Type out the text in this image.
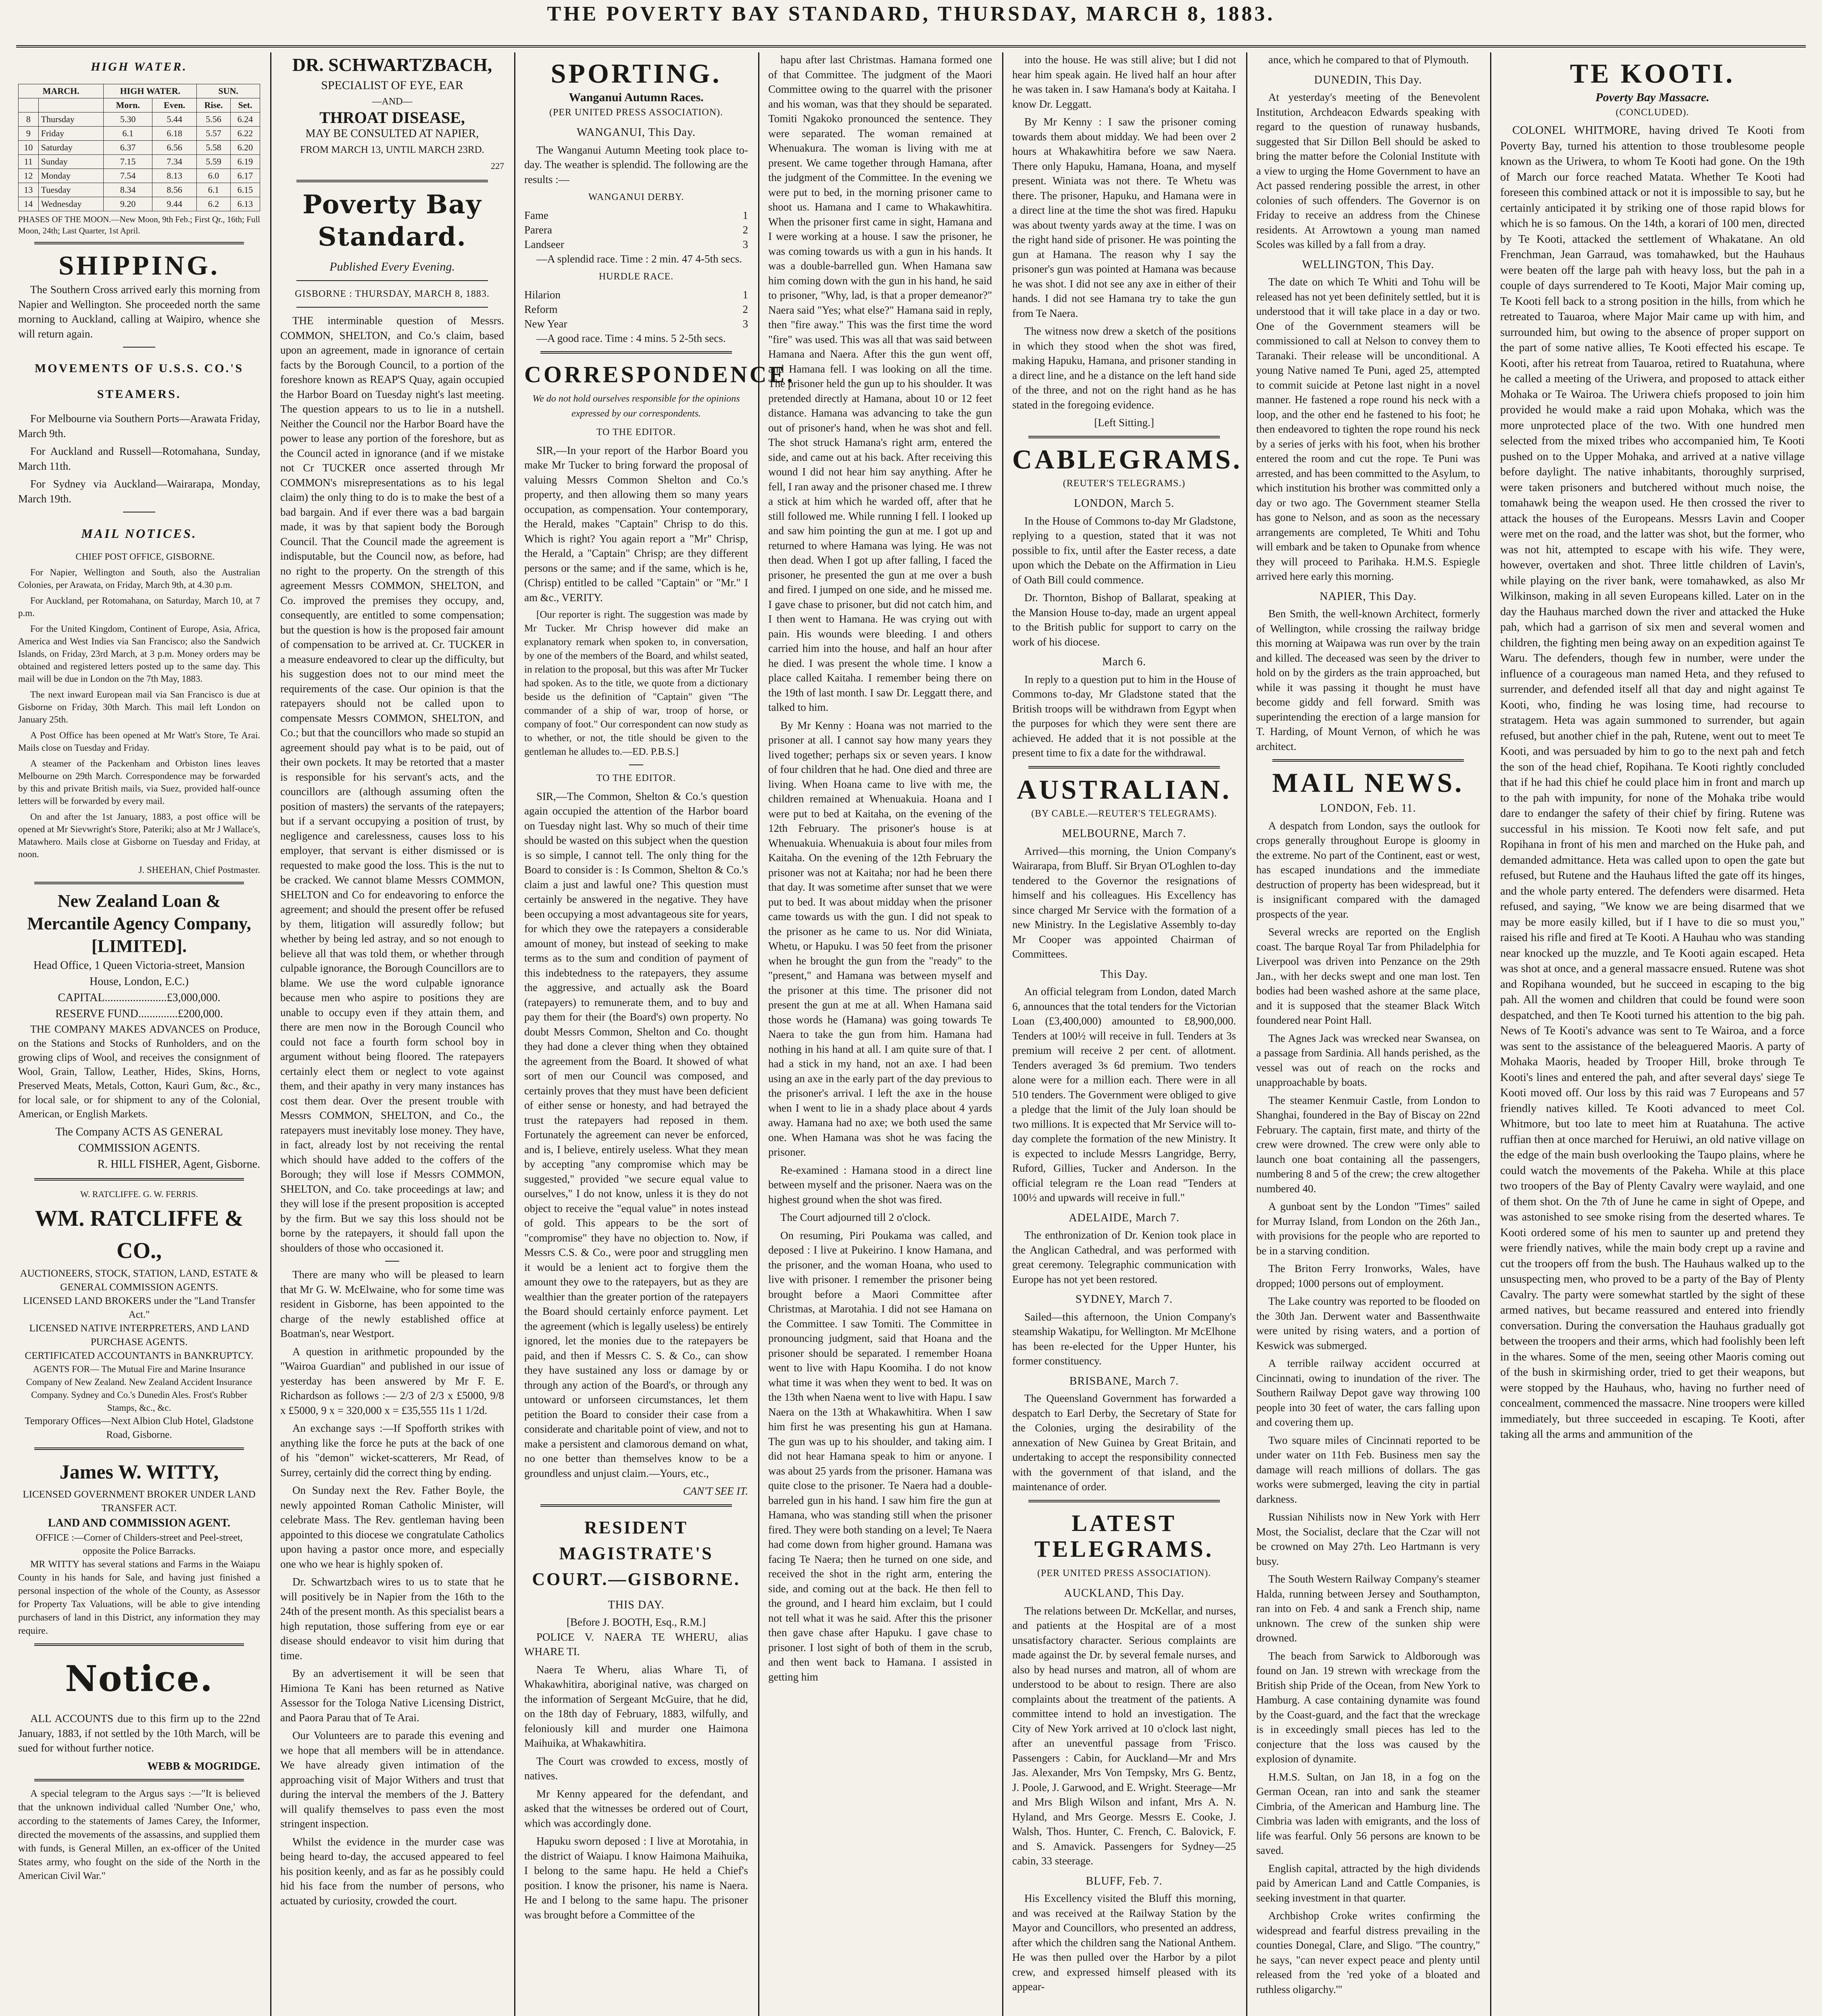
THE POVERTY BAY STANDARD, THURSDAY, MARCH 8, 1883.
HIGH WATER.
MARCH.		HIGH WATER.		SUN.	
		Morn.	Even.	Rise.	Set.
8	Thursday	5.30	5.44	5.56	6.24
9	Friday	6.1	6.18	5.57	6.22
10	Saturday	6.37	6.56	5.58	6.20
11	Sunday	7.15	7.34	5.59	6.19
12	Monday	7.54	8.13	6.0	6.17
13	Tuesday	8.34	8.56	6.1	6.15
14	Wednesday	9.20	9.44	6.2	6.13
PHASES OF THE MOON.—New Moon, 9th Feb.; First Qr., 16th; Full Moon, 24th; Last Quarter, 1st April.
SHIPPING.

The Southern Cross arrived early this morning from Napier and Wellington. She proceeded north the same morning to Auckland, calling at Waipiro, whence she will return again.

MOVEMENTS OF U.S.S. CO.'S STEAMERS.

For Melbourne via Southern Ports—Arawata Friday, March 9th.

For Auckland and Russell—Rotomahana, Sunday, March 11th.

For Sydney via Auckland—Wairarapa, Monday, March 19th.

MAIL NOTICES.

CHIEF POST OFFICE, GISBORNE.

For Napier, Wellington and South, also the Australian Colonies, per Arawata, on Friday, March 9th, at 4.30 p.m.

For Auckland, per Rotomahana, on Saturday, March 10, at 7 p.m.

For the United Kingdom, Continent of Europe, Asia, Africa, America and West Indies via San Francisco; also the Sandwich Islands, on Friday, 23rd March, at 3 p.m. Money orders may be obtained and registered letters posted up to the same day. This mail will be due in London on the 7th May, 1883.

The next inward European mail via San Francisco is due at Gisborne on Friday, 30th March. This mail left London on January 25th.

A Post Office has been opened at Mr Watt's Store, Te Arai. Mails close on Tuesday and Friday.

A steamer of the Packenham and Orbiston lines leaves Melbourne on 29th March. Correspondence may be forwarded by this and private British mails, via Suez, provided half-ounce letters will be forwarded by every mail.

On and after the 1st January, 1883, a post office will be opened at Mr Sievwright's Store, Pateriki; also at Mr J Wallace's, Matawhero. Mails close at Gisborne on Tuesday and Friday, at noon.

J. SHEEHAN, Chief Postmaster.

New Zealand Loan & Mercantile Agency Company, [LIMITED].
Head Office, 1 Queen Victoria-street, Mansion House, London, E.C.)
CAPITAL......................£3,000,000.
RESERVE FUND..............£200,000.

THE COMPANY MAKES ADVANCES on Produce, on the Stations and Stocks of Runholders, and on the growing clips of Wool, and receives the consignment of Wool, Grain, Tallow, Leather, Hides, Skins, Horns, Preserved Meats, Metals, Cotton, Kauri Gum, &c., &c., for local sale, or for shipment to any of the Colonial, American, or English Markets.

The Company ACTS AS GENERAL COMMISSION AGENTS.
R. HILL FISHER, Agent, Gisborne.
W. RATCLIFFE. G. W. FERRIS.
WM. RATCLIFFE & CO.,
AUCTIONEERS, STOCK, STATION, LAND, ESTATE & GENERAL COMMISSION AGENTS.
LICENSED LAND BROKERS under the "Land Transfer Act."
LICENSED NATIVE INTERPRETERS, AND LAND PURCHASE AGENTS.
CERTIFICATED ACCOUNTANTS in BANKRUPTCY.
AGENTS FOR— The Mutual Fire and Marine Insurance Company of New Zealand. New Zealand Accident Insurance Company. Sydney and Co.'s Dunedin Ales. Frost's Rubber Stamps, &c., &c.
Temporary Offices—Next Albion Club Hotel, Gladstone Road, Gisborne.
James W. WITTY,
LICENSED GOVERNMENT BROKER UNDER LAND TRANSFER ACT.
LAND AND COMMISSION AGENT.
OFFICE :—Corner of Childers-street and Peel-street, opposite the Police Barracks.

MR WITTY has several stations and Farms in the Waiapu County in his hands for Sale, and having just finished a personal inspection of the whole of the County, as Assessor for Property Tax Valuations, will be able to give intending purchasers of land in this District, any information they may require.

Notice.

ALL ACCOUNTS due to this firm up to the 22nd January, 1883, if not settled by the 10th March, will be sued for without further notice.

WEBB & MOGRIDGE.

A special telegram to the Argus says :—"It is believed that the unknown individual called 'Number One,' who, according to the statements of James Carey, the Informer, directed the movements of the assassins, and supplied them with funds, is General Millen, an ex-officer of the United States army, who fought on the side of the North in the American Civil War."

DR. SCHWARTZBACH,
SPECIALIST OF EYE, EAR
—AND—
THROAT DISEASE,
MAY BE CONSULTED AT NAPIER,
FROM MARCH 13, UNTIL MARCH 23RD.
227
Poverty Bay Standard.
Published Every Evening.
GISBORNE : THURSDAY, MARCH 8, 1883.

THE interminable question of Messrs. COMMON, SHELTON, and Co.'s claim, based upon an agreement, made in ignorance of certain facts by the Borough Council, to a portion of the foreshore known as REAP'S Quay, again occupied the Harbor Board on Tuesday night's last meeting. The question appears to us to lie in a nutshell. Neither the Council nor the Harbor Board have the power to lease any portion of the foreshore, but as the Council acted in ignorance (and if we mistake not Cr TUCKER once asserted through Mr COMMON's misrepresentations as to his legal claim) the only thing to do is to make the best of a bad bargain. And if ever there was a bad bargain made, it was by that sapient body the Borough Council. That the Council made the agreement is indisputable, but the Council now, as before, had no right to the property. On the strength of this agreement Messrs COMMON, SHELTON, and Co. improved the premises they occupy, and, consequently, are entitled to some compensation; but the question is how is the proposed fair amount of compensation to be arrived at. Cr. TUCKER in a measure endeavored to clear up the difficulty, but his suggestion does not to our mind meet the requirements of the case. Our opinion is that the ratepayers should not be called upon to compensate Messrs COMMON, SHELTON, and Co.; but that the councillors who made so stupid an agreement should pay what is to be paid, out of their own pockets. It may be retorted that a master is responsible for his servant's acts, and the councillors are (although assuming often the position of masters) the servants of the ratepayers; but if a servant occupying a position of trust, by negligence and carelessness, causes loss to his employer, that servant is either dismissed or is requested to make good the loss. This is the nut to be cracked. We cannot blame Messrs COMMON, SHELTON and Co for endeavoring to enforce the agreement; and should the present offer be refused by them, litigation will assuredly follow; but whether by being led astray, and so not enough to believe all that was told them, or whether through culpable ignorance, the Borough Councillors are to blame. We use the word culpable ignorance because men who aspire to positions they are unable to occupy even if they attain them, and there are men now in the Borough Council who could not face a fourth form school boy in argument without being floored. The ratepayers certainly elect them or neglect to vote against them, and their apathy in very many instances has cost them dear. Over the present trouble with Messrs COMMON, SHELTON, and Co., the ratepayers must inevitably lose money. They have, in fact, already lost by not receiving the rental which should have added to the coffers of the Borough; they will lose if Messrs COMMON, SHELTON, and Co. take proceedings at law; and they will lose if the present proposition is accepted by the firm. But we say this loss should not be borne by the ratepayers, it should fall upon the shoulders of those who occasioned it.

There are many who will be pleased to learn that Mr G. W. McElwaine, who for some time was resident in Gisborne, has been appointed to the charge of the newly established office at Boatman's, near Westport.

A question in arithmetic propounded by the "Wairoa Guardian" and published in our issue of yesterday has been answered by Mr F. E. Richardson as follows :— 2/3 of 2/3 x £5000, 9/8 x £5000, 9 x = 320,000 x = £35,555 11s 1 1/2d.

An exchange says :—If Spofforth strikes with anything like the force he puts at the back of one of his "demon" wicket-scatterers, Mr Read, of Surrey, certainly did the correct thing by ending.

On Sunday next the Rev. Father Boyle, the newly appointed Roman Catholic Minister, will celebrate Mass. The Rev. gentleman having been appointed to this diocese we congratulate Catholics upon having a pastor once more, and especially one who we hear is highly spoken of.

Dr. Schwartzbach wires to us to state that he will positively be in Napier from the 16th to the 24th of the present month. As this specialist bears a high reputation, those suffering from eye or ear disease should endeavor to visit him during that time.

By an advertisement it will be seen that Himiona Te Kani has been returned as Native Assessor for the Tologa Native Licensing District, and Paora Parau that of Te Arai.

Our Volunteers are to parade this evening and we hope that all members will be in attendance. We have already given intimation of the approaching visit of Major Withers and trust that during the interval the members of the J. Battery will qualify themselves to pass even the most stringent inspection.

Whilst the evidence in the murder case was being heard to-day, the accused appeared to feel his position keenly, and as far as he possibly could hid his face from the number of persons, who actuated by curiosity, crowded the court.

SPORTING.
Wanganui Autumn Races.
(PER UNITED PRESS ASSOCIATION).
WANGANUI, This Day.

The Wanganui Autumn Meeting took place to-day. The weather is splendid. The following are the results :—

WANGANUI DERBY.
Fame	1
Parera	2
Landseer	3

—A splendid race. Time : 2 min. 47 4-5th secs.

HURDLE RACE.
Hilarion	1
Reform	2
New Year	3

—A good race. Time : 4 mins. 5 2-5th secs.

CORRESPONDENCE.
We do not hold ourselves responsible for the opinions expressed by our correspondents.
TO THE EDITOR.

SIR,—In your report of the Harbor Board you make Mr Tucker to bring forward the proposal of valuing Messrs Common Shelton and Co.'s property, and then allowing them so many years occupation, as compensation. Your contemporary, the Herald, makes "Captain" Chrisp to do this. Which is right? You again report a "Mr" Chrisp, the Herald, a "Captain" Chrisp; are they different persons or the same; and if the same, which is he, (Chrisp) entitled to be called "Captain" or "Mr." I am &c., VERITY.

[Our reporter is right. The suggestion was made by Mr Tucker. Mr Chrisp however did make an explanatory remark when spoken to, in conversation, by one of the members of the Board, and whilst seated, in relation to the proposal, but this was after Mr Tucker had spoken. As to the title, we quote from a dictionary beside us the definition of "Captain" given "The commander of a ship of war, troop of horse, or company of foot." Our correspondent can now study as to whether, or not, the title should be given to the gentleman he alludes to.—ED. P.B.S.]

TO THE EDITOR.

SIR,—The Common, Shelton & Co.'s question again occupied the attention of the Harbor board on Tuesday night last. Why so much of their time should be wasted on this subject when the question is so simple, I cannot tell. The only thing for the Board to consider is : Is Common, Shelton & Co.'s claim a just and lawful one? This question must certainly be answered in the negative. They have been occupying a most advantageous site for years, for which they owe the ratepayers a considerable amount of money, but instead of seeking to make terms as to the sum and condition of payment of this indebtedness to the ratepayers, they assume the aggressive, and actually ask the Board (ratepayers) to remunerate them, and to buy and pay them for their (the Board's) own property. No doubt Messrs Common, Shelton and Co. thought they had done a clever thing when they obtained the agreement from the Board. It showed of what sort of men our Council was composed, and certainly proves that they must have been deficient of either sense or honesty, and had betrayed the trust the ratepayers had reposed in them. Fortunately the agreement can never be enforced, and is, I believe, entirely useless. What they mean by accepting "any compromise which may be suggested," provided "we secure equal value to ourselves," I do not know, unless it is they do not object to receive the "equal value" in notes instead of gold. This appears to be the sort of "compromise" they have no objection to. Now, if Messrs C.S. & Co., were poor and struggling men it would be a lenient act to forgive them the amount they owe to the ratepayers, but as they are wealthier than the greater portion of the ratepayers the Board should certainly enforce payment. Let the agreement (which is legally useless) be entirely ignored, let the monies due to the ratepayers be paid, and then if Messrs C. S. & Co., can show they have sustained any loss or damage by or through any action of the Board's, or through any untoward or unforseen circumstances, let them petition the Board to consider their case from a considerate and charitable point of view, and not to make a persistent and clamorous demand on what, no one better than themselves know to be a groundless and unjust claim.—Yours, etc.,

CAN'T SEE IT.
RESIDENT MAGISTRATE'S COURT.—GISBORNE.
THIS DAY.
[Before J. BOOTH, Esq., R.M.]

POLICE V. NAERA TE WHERU, alias WHARE TI.

Naera Te Wheru, alias Whare Ti, of Whakawhitira, aboriginal native, was charged on the information of Sergeant McGuire, that he did, on the 18th day of February, 1883, wilfully, and feloniously kill and murder one Haimona Maihuika, at Whakawhitira.

The Court was crowded to excess, mostly of natives.

Mr Kenny appeared for the defendant, and asked that the witnesses be ordered out of Court, which was accordingly done.

Hapuku sworn deposed : I live at Morotahia, in the district of Waiapu. I know Haimona Maihuika, I belong to the same hapu. He held a Chief's position. I know the prisoner, his name is Naera. He and I belong to the same hapu. The prisoner was brought before a Committee of the

hapu after last Christmas. Hamana formed one of that Committee. The judgment of the Maori Committee owing to the quarrel with the prisoner and his woman, was that they should be separated. Tomiti Ngakoko pronounced the sentence. They were separated. The woman remained at Whenuakura. The woman is living with me at present. We came together through Hamana, after the judgment of the Committee. In the evening we were put to bed, in the morning prisoner came to shoot us. Hamana and I came to Whakawhitira. When the prisoner first came in sight, Hamana and I were working at a house. I saw the prisoner, he was coming towards us with a gun in his hands. It was a double-barrelled gun. When Hamana saw him coming down with the gun in his hand, he said to prisoner, "Why, lad, is that a proper demeanor?" Naera said "Yes; what else?" Hamana said in reply, then "fire away." This was the first time the word "fire" was used. This was all that was said between Hamana and Naera. After this the gun went off, and Hamana fell. I was looking on all the time. The prisoner held the gun up to his shoulder. It was pretended directly at Hamana, about 10 or 12 feet distance. Hamana was advancing to take the gun out of prisoner's hand, when he was shot and fell. The shot struck Hamana's right arm, entered the side, and came out at his back. After receiving this wound I did not hear him say anything. After he fell, I ran away and the prisoner chased me. I threw a stick at him which he warded off, after that he still followed me. While running I fell. I looked up and saw him pointing the gun at me. I got up and returned to where Hamana was lying. He was not then dead. When I got up after falling, I faced the prisoner, he presented the gun at me over a bush and fired. I jumped on one side, and he missed me. I gave chase to prisoner, but did not catch him, and I then went to Hamana. He was crying out with pain. His wounds were bleeding. I and others carried him into the house, and half an hour after he died. I was present the whole time. I know a place called Kaitaha. I remember being there on the 19th of last month. I saw Dr. Leggatt there, and talked to him.

By Mr Kenny : Hoana was not married to the prisoner at all. I cannot say how many years they lived together; perhaps six or seven years. I know of four children that he had. One died and three are living. When Hoana came to live with me, the children remained at Whenuakuia. Hoana and I were put to bed at Kaitaha, on the evening of the 12th February. The prisoner's house is at Whenuakuia. Whenuakuia is about four miles from Kaitaha. On the evening of the 12th February the prisoner was not at Kaitaha; nor had he been there that day. It was sometime after sunset that we were put to bed. It was about midday when the prisoner came towards us with the gun. I did not speak to the prisoner as he came to us. Nor did Winiata, Whetu, or Hapuku. I was 50 feet from the prisoner when he brought the gun from the "ready" to the "present," and Hamana was between myself and the prisoner at this time. The prisoner did not present the gun at me at all. When Hamana said those words he (Hamana) was going towards Te Naera to take the gun from him. Hamana had nothing in his hand at all. I am quite sure of that. I had a stick in my hand, not an axe. I had been using an axe in the early part of the day previous to the prisoner's arrival. I left the axe in the house when I went to lie in a shady place about 4 yards away. Hamana had no axe; we both used the same one. When Hamana was shot he was facing the prisoner.

Re-examined : Hamana stood in a direct line between myself and the prisoner. Naera was on the highest ground when the shot was fired.

The Court adjourned till 2 o'clock.

On resuming, Piri Poukama was called, and deposed : I live at Pukeirino. I know Hamana, and the prisoner, and the woman Hoana, who used to live with prisoner. I remember the prisoner being brought before a Maori Committee after Christmas, at Marotahia. I did not see Hamana on the Committee. I saw Tomiti. The Committee in pronouncing judgment, said that Hoana and the prisoner should be separated. I remember Hoana went to live with Hapu Koomiha. I do not know what time it was when they went to bed. It was on the 13th when Naena went to live with Hapu. I saw Naera on the 13th at Whakawhitira. When I saw him first he was presenting his gun at Hamana. The gun was up to his shoulder, and taking aim. I did not hear Hamana speak to him or anyone. I was about 25 yards from the prisoner. Hamana was quite close to the prisoner. Te Naera had a double-barreled gun in his hand. I saw him fire the gun at Hamana, who was standing still when the prisoner fired. They were both standing on a level; Te Naera had come down from higher ground. Hamana was facing Te Naera; then he turned on one side, and received the shot in the right arm, entering the side, and coming out at the back. He then fell to the ground, and I heard him exclaim, but I could not tell what it was he said. After this the prisoner then gave chase after Hapuku. I gave chase to prisoner. I lost sight of both of them in the scrub, and then went back to Hamana. I assisted in getting him

into the house. He was still alive; but I did not hear him speak again. He lived half an hour after he was taken in. I saw Hamana's body at Kaitaha. I know Dr. Leggatt.

By Mr Kenny : I saw the prisoner coming towards them about midday. We had been over 2 hours at Whakawhitira before we saw Naera. There only Hapuku, Hamana, Hoana, and myself present. Winiata was not there. Te Whetu was there. The prisoner, Hapuku, and Hamana were in a direct line at the time the shot was fired. Hapuku was about twenty yards away at the time. I was on the right hand side of prisoner. He was pointing the gun at Hamana. The reason why I say the prisoner's gun was pointed at Hamana was because he was shot. I did not see any axe in either of their hands. I did not see Hamana try to take the gun from Te Naera.

The witness now drew a sketch of the positions in which they stood when the shot was fired, making Hapuku, Hamana, and prisoner standing in a direct line, and he a distance on the left hand side of the three, and not on the right hand as he has stated in the foregoing evidence.

[Left Sitting.]
CABLEGRAMS.
(REUTER'S TELEGRAMS.)
LONDON, March 5.

In the House of Commons to-day Mr Gladstone, replying to a question, stated that it was not possible to fix, until after the Easter recess, a date upon which the Debate on the Affirmation in Lieu of Oath Bill could commence.

Dr. Thornton, Bishop of Ballarat, speaking at the Mansion House to-day, made an urgent appeal to the British public for support to carry on the work of his diocese.

March 6.

In reply to a question put to him in the House of Commons to-day, Mr Gladstone stated that the British troops will be withdrawn from Egypt when the purposes for which they were sent there are achieved. He added that it is not possible at the present time to fix a date for the withdrawal.

AUSTRALIAN.
(BY CABLE.—REUTER'S TELEGRAMS).
MELBOURNE, March 7.

Arrived—this morning, the Union Company's Wairarapa, from Bluff. Sir Bryan O'Loghlen to-day tendered to the Governor the resignations of himself and his colleagues. His Excellency has since charged Mr Service with the formation of a new Ministry. In the Legislative Assembly to-day Mr Cooper was appointed Chairman of Committees.

This Day.

An official telegram from London, dated March 6, announces that the total tenders for the Victorian Loan (£3,400,000) amounted to £8,900,000. Tenders at 100½ will receive in full. Tenders at 3s premium will receive 2 per cent. of allotment. Tenders averaged 3s 6d premium. Two tenders alone were for a million each. There were in all 510 tenders. The Government were obliged to give a pledge that the limit of the July loan should be two millions. It is expected that Mr Service will to-day complete the formation of the new Ministry. It is expected to include Messrs Langridge, Berry, Ruford, Gillies, Tucker and Anderson. In the official telegram re the Loan read "Tenders at 100½ and upwards will receive in full."

ADELAIDE, March 7.

The enthronization of Dr. Kenion took place in the Anglican Cathedral, and was performed with great ceremony. Telegraphic communication with Europe has not yet been restored.

SYDNEY, March 7.

Sailed—this afternoon, the Union Company's steamship Wakatipu, for Wellington. Mr McElhone has been re-elected for the Upper Hunter, his former constituency.

BRISBANE, March 7.

The Queensland Government has forwarded a despatch to Earl Derby, the Secretary of State for the Colonies, urging the desirability of the annexation of New Guinea by Great Britain, and undertaking to accept the responsibility connected with the government of that island, and the maintenance of order.

LATEST TELEGRAMS.
(PER UNITED PRESS ASSOCIATION).
AUCKLAND, This Day.

The relations between Dr. McKellar, and nurses, and patients at the Hospital are of a most unsatisfactory character. Serious complaints are made against the Dr. by several female nurses, and also by head nurses and matron, all of whom are understood to be about to resign. There are also complaints about the treatment of the patients. A committee intend to hold an investigation. The City of New York arrived at 10 o'clock last night, after an uneventful passage from 'Frisco. Passengers : Cabin, for Auckland—Mr and Mrs Jas. Alexander, Mrs Von Tempsky, Mrs G. Bentz, J. Poole, J. Garwood, and E. Wright. Steerage—Mr and Mrs Bligh Wilson and infant, Mrs A. N. Hyland, and Mrs George. Messrs E. Cooke, J. Walsh, Thos. Hunter, C. French, C. Balovick, F. and S. Amavick. Passengers for Sydney—25 cabin, 33 steerage.

BLUFF, Feb. 7.

His Excellency visited the Bluff this morning, and was received at the Railway Station by the Mayor and Councillors, who presented an address, after which the children sang the National Anthem. He was then pulled over the Harbor by a pilot crew, and expressed himself pleased with its appear-

ance, which he compared to that of Plymouth.

DUNEDIN, This Day.

At yesterday's meeting of the Benevolent Institution, Archdeacon Edwards speaking with regard to the question of runaway husbands, suggested that Sir Dillon Bell should be asked to bring the matter before the Colonial Institute with a view to urging the Home Government to have an Act passed rendering possible the arrest, in other colonies of such offenders. The Governor is on Friday to receive an address from the Chinese residents. At Arrowtown a young man named Scoles was killed by a fall from a dray.

WELLINGTON, This Day.

The date on which Te Whiti and Tohu will be released has not yet been definitely settled, but it is understood that it will take place in a day or two. One of the Government steamers will be commissioned to call at Nelson to convey them to Taranaki. Their release will be unconditional. A young Native named Te Puni, aged 25, attempted to commit suicide at Petone last night in a novel manner. He fastened a rope round his neck with a loop, and the other end he fastened to his foot; he then endeavored to tighten the rope round his neck by a series of jerks with his foot, when his brother entered the room and cut the rope. Te Puni was arrested, and has been committed to the Asylum, to which institution his brother was committed only a day or two ago. The Government steamer Stella has gone to Nelson, and as soon as the necessary arrangements are completed, Te Whiti and Tohu will embark and be taken to Opunake from whence they will proceed to Parihaka. H.M.S. Espiegle arrived here early this morning.

NAPIER, This Day.

Ben Smith, the well-known Architect, formerly of Wellington, while crossing the railway bridge this morning at Waipawa was run over by the train and killed. The deceased was seen by the driver to hold on by the girders as the train approached, but while it was passing it thought he must have become giddy and fell forward. Smith was superintending the erection of a large mansion for T. Harding, of Mount Vernon, of which he was architect.

MAIL NEWS.
LONDON, Feb. 11.

A despatch from London, says the outlook for crops generally throughout Europe is gloomy in the extreme. No part of the Continent, east or west, has escaped inundations and the immediate destruction of property has been widespread, but it is insignificant compared with the damaged prospects of the year.

Several wrecks are reported on the English coast. The barque Royal Tar from Philadelphia for Liverpool was driven into Penzance on the 29th Jan., with her decks swept and one man lost. Ten bodies had been washed ashore at the same place, and it is supposed that the steamer Black Witch foundered near Point Hall.

The Agnes Jack was wrecked near Swansea, on a passage from Sardinia. All hands perished, as the vessel was out of reach on the rocks and unapproachable by boats.

The steamer Kenmuir Castle, from London to Shanghai, foundered in the Bay of Biscay on 22nd February. The captain, first mate, and thirty of the crew were drowned. The crew were only able to launch one boat containing all the passengers, numbering 8 and 5 of the crew; the crew altogether numbered 40.

A gunboat sent by the London "Times" sailed for Murray Island, from London on the 26th Jan., with provisions for the people who are reported to be in a starving condition.

The Briton Ferry Ironworks, Wales, have dropped; 1000 persons out of employment.

The Lake country was reported to be flooded on the 30th Jan. Derwent water and Bassenthwaite were united by rising waters, and a portion of Keswick was submerged.

A terrible railway accident occurred at Cincinnati, owing to inundation of the river. The Southern Railway Depot gave way throwing 100 people into 30 feet of water, the cars falling upon and covering them up.

Two square miles of Cincinnati reported to be under water on 11th Feb. Business men say the damage will reach millions of dollars. The gas works were submerged, leaving the city in partial darkness.

Russian Nihilists now in New York with Herr Most, the Socialist, declare that the Czar will not be crowned on May 27th. Leo Hartmann is very busy.

The South Western Railway Company's steamer Halda, running between Jersey and Southampton, ran into on Feb. 4 and sank a French ship, name unknown. The crew of the sunken ship were drowned.

The beach from Sarwick to Aldborough was found on Jan. 19 strewn with wreckage from the British ship Pride of the Ocean, from New York to Hamburg. A case containing dynamite was found by the Coast-guard, and the fact that the wreckage is in exceedingly small pieces has led to the conjecture that the loss was caused by the explosion of dynamite.

H.M.S. Sultan, on Jan 18, in a fog on the German Ocean, ran into and sank the steamer Cimbria, of the American and Hamburg line. The Cimbria was laden with emigrants, and the loss of life was fearful. Only 56 persons are known to be saved.

English capital, attracted by the high dividends paid by American Land and Cattle Companies, is seeking investment in that quarter.

Archbishop Croke writes confirming the widespread and fearful distress prevailing in the counties Donegal, Clare, and Sligo. "The country," he says, "can never expect peace and plenty until released from the 'red yoke of a bloated and ruthless oligarchy.'"

TE KOOTI.
Poverty Bay Massacre.
(CONCLUDED).

COLONEL WHITMORE, having drived Te Kooti from Poverty Bay, turned his attention to those troublesome people known as the Uriwera, to whom Te Kooti had gone. On the 19th of March our force reached Matata. Whether Te Kooti had foreseen this combined attack or not it is impossible to say, but he certainly anticipated it by striking one of those rapid blows for which he is so famous. On the 14th, a korari of 100 men, directed by Te Kooti, attacked the settlement of Whakatane. An old Frenchman, Jean Garraud, was tomahawked, but the Hauhaus were beaten off the large pah with heavy loss, but the pah in a couple of days surrendered to Te Kooti, Major Mair coming up, Te Kooti fell back to a strong position in the hills, from which he retreated to Tauaroa, where Major Mair came up with him, and surrounded him, but owing to the absence of proper support on the part of some native allies, Te Kooti effected his escape. Te Kooti, after his retreat from Tauaroa, retired to Ruatahuna, where he called a meeting of the Uriwera, and proposed to attack either Mohaka or Te Wairoa. The Uriwera chiefs proposed to join him provided he would make a raid upon Mohaka, which was the more unprotected place of the two. With one hundred men selected from the mixed tribes who accompanied him, Te Kooti pushed on to the Upper Mohaka, and arrived at a native village before daylight. The native inhabitants, thoroughly surprised, were taken prisoners and butchered without much noise, the tomahawk being the weapon used. He then crossed the river to attack the houses of the Europeans. Messrs Lavin and Cooper were met on the road, and the latter was shot, but the former, who was not hit, attempted to escape with his wife. They were, however, overtaken and shot. Three little children of Lavin's, while playing on the river bank, were tomahawked, as also Mr Wilkinson, making in all seven Europeans killed. Later on in the day the Hauhaus marched down the river and attacked the Huke pah, which had a garrison of six men and several women and children, the fighting men being away on an expedition against Te Waru. The defenders, though few in number, were under the influence of a courageous man named Heta, and they refused to surrender, and defended itself all that day and night against Te Kooti, who, finding he was losing time, had recourse to stratagem. Heta was again summoned to surrender, but again refused, but another chief in the pah, Rutene, went out to meet Te Kooti, and was persuaded by him to go to the next pah and fetch the son of the head chief, Ropihana. Te Kooti rightly concluded that if he had this chief he could place him in front and march up to the pah with impunity, for none of the Mohaka tribe would dare to endanger the safety of their chief by firing. Rutene was successful in his mission. Te Kooti now felt safe, and put Ropihana in front of his men and marched on the Huke pah, and demanded admittance. Heta was called upon to open the gate but refused, but Rutene and the Hauhaus lifted the gate off its hinges, and the whole party entered. The defenders were disarmed. Heta refused, and saying, "We know we are being disarmed that we may be more easily killed, but if I have to die so must you," raised his rifle and fired at Te Kooti. A Hauhau who was standing near knocked up the muzzle, and Te Kooti again escaped. Heta was shot at once, and a general massacre ensued. Rutene was shot and Ropihana wounded, but he succeed in escaping to the big pah. All the women and children that could be found were soon despatched, and then Te Kooti turned his attention to the big pah. News of Te Kooti's advance was sent to Te Wairoa, and a force was sent to the assistance of the beleaguered Maoris. A party of Mohaka Maoris, headed by Trooper Hill, broke through Te Kooti's lines and entered the pah, and after several days' siege Te Kooti moved off. Our loss by this raid was 7 Europeans and 57 friendly natives killed. Te Kooti advanced to meet Col. Whitmore, but too late to meet him at Ruatahuna. The active ruffian then at once marched for Heruiwi, an old native village on the edge of the main bush overlooking the Taupo plains, where he could watch the movements of the Pakeha. While at this place two troopers of the Bay of Plenty Cavalry were waylaid, and one of them shot. On the 7th of June he came in sight of Opepe, and was astonished to see smoke rising from the deserted whares. Te Kooti ordered some of his men to saunter up and pretend they were friendly natives, while the main body crept up a ravine and cut the troopers off from the bush. The Hauhaus walked up to the unsuspecting men, who proved to be a party of the Bay of Plenty Cavalry. The party were somewhat startled by the sight of these armed natives, but became reassured and entered into friendly conversation. During the conversation the Hauhaus gradually got between the troopers and their arms, which had foolishly been left in the whares. Some of the men, seeing other Maoris coming out of the bush in skirmishing order, tried to get their weapons, but were stopped by the Hauhaus, who, having no further need of concealment, commenced the massacre. Nine troopers were killed immediately, but three succeeded in escaping. Te Kooti, after taking all the arms and ammunition of the
